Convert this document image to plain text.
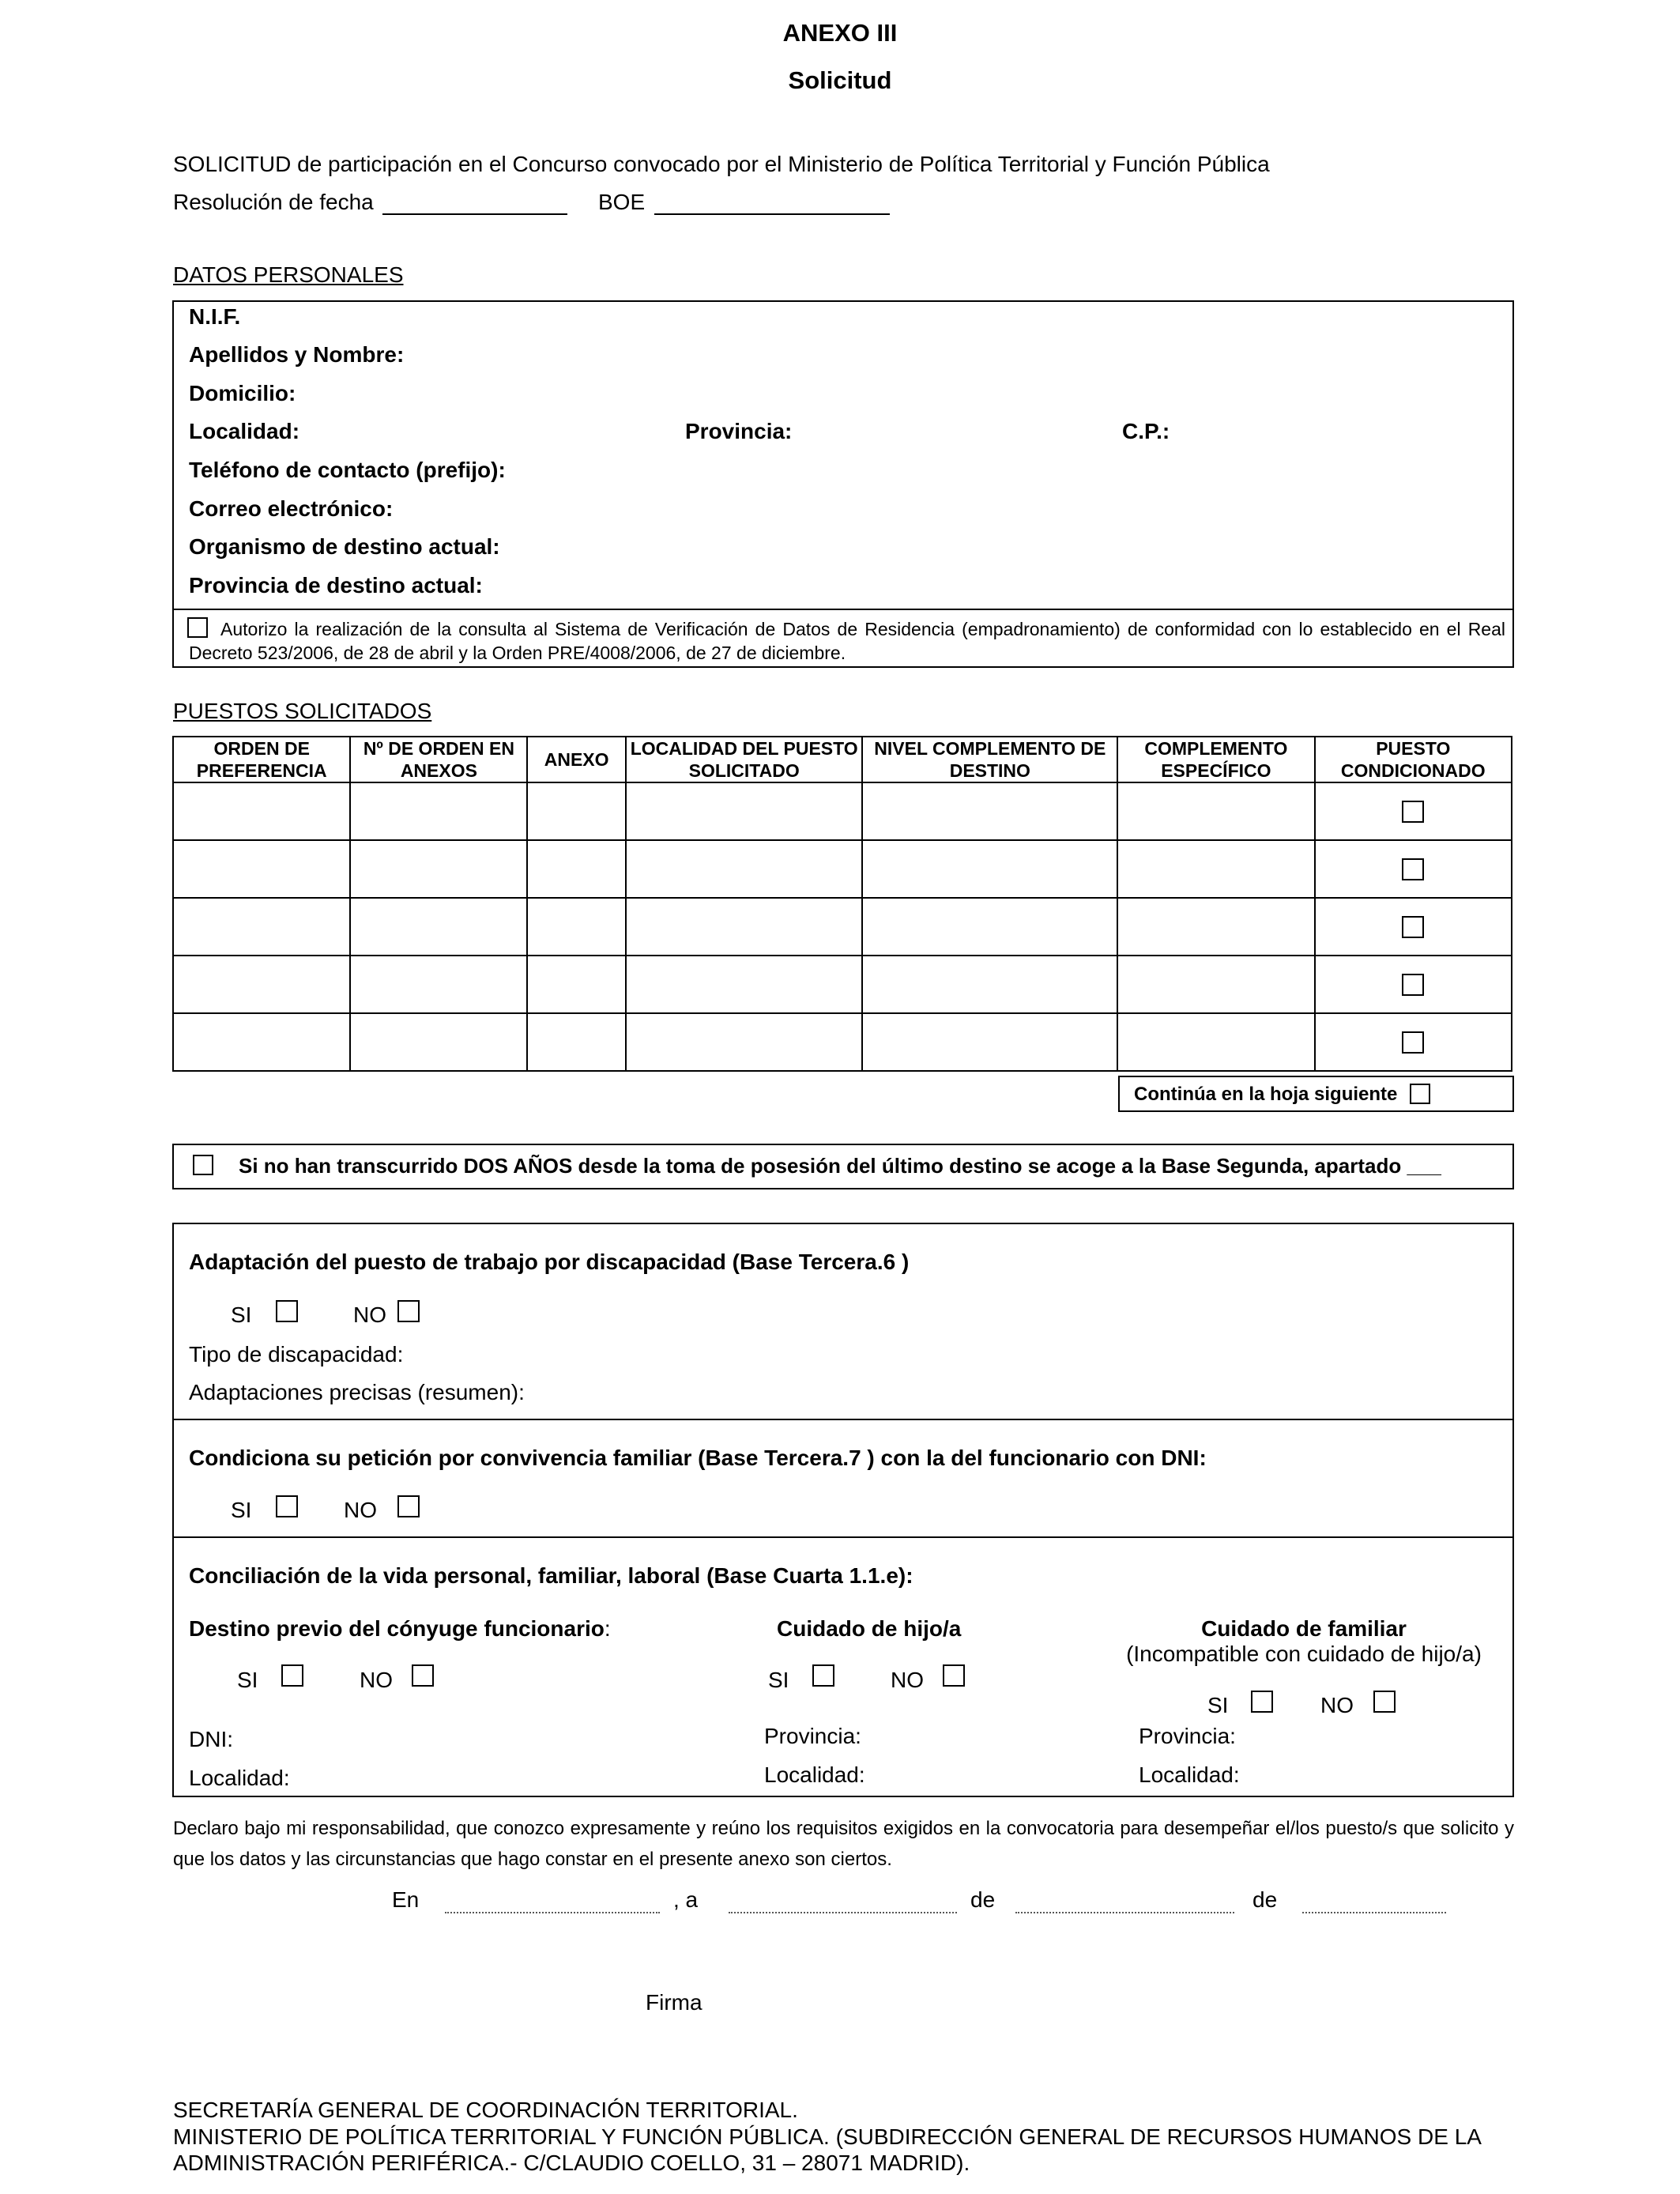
ANEXO III
Solicitud
SOLICITUD de participación en el Concurso convocado por el Ministerio de Política Territorial y Función Pública
Resolución de fecha	BOE
DATOS PERSONALES
N.I.F.
Apellidos y Nombre:
Domicilio:
Localidad:	Provincia:	C.P.:
Teléfono de contacto (prefijo):
Correo electrónico:
Organismo de destino actual:
Provincia de destino actual:
Autorizo la realización de la consulta al Sistema de Verificación de Datos de Residencia (empadronamiento) de conformidad con lo establecido en el Real Decreto 523/2006, de 28 de abril y la Orden PRE/4008/2006, de 27 de diciembre.
PUESTOS SOLICITADOS
ORDEN DE PREFERENCIA	Nº DE ORDEN EN ANEXOS	ANEXO	LOCALIDAD DEL PUESTO SOLICITADO	NIVEL COMPLEMENTO DE DESTINO	COMPLEMENTO ESPECÍFICO	PUESTO CONDICIONADO

Continúa en la hoja siguiente
Si no han transcurrido DOS AÑOS desde la toma de posesión del último destino se acoge a la Base Segunda, apartado ___
Adaptación del puesto de trabajo por discapacidad (Base Tercera.6 )
SI	NO
Tipo de discapacidad:
Adaptaciones precisas (resumen):
Condiciona su petición por convivencia familiar (Base Tercera.7 ) con la del funcionario con DNI:
SI	NO
Conciliación de la vida personal, familiar, laboral (Base Cuarta 1.1.e):
Destino previo del cónyuge funcionario:
SI	NO
DNI:
Localidad:
Cuidado de hijo/a
SI	NO
Provincia:
Localidad:
Cuidado de familiar
(Incompatible con cuidado de hijo/a)
SI	NO
Provincia:
Localidad:
Declaro bajo mi responsabilidad, que conozco expresamente y reúno los requisitos exigidos en la convocatoria para desempeñar el/los puesto/s que solicito y que los datos y las circunstancias que hago constar en el presente anexo son ciertos.
En	, a	de	de
Firma
SECRETARÍA GENERAL DE COORDINACIÓN TERRITORIAL.
MINISTERIO DE POLÍTICA TERRITORIAL Y FUNCIÓN PÚBLICA. (SUBDIRECCIÓN GENERAL DE RECURSOS HUMANOS DE LA ADMINISTRACIÓN PERIFÉRICA.- C/CLAUDIO COELLO, 31 – 28071 MADRID).
